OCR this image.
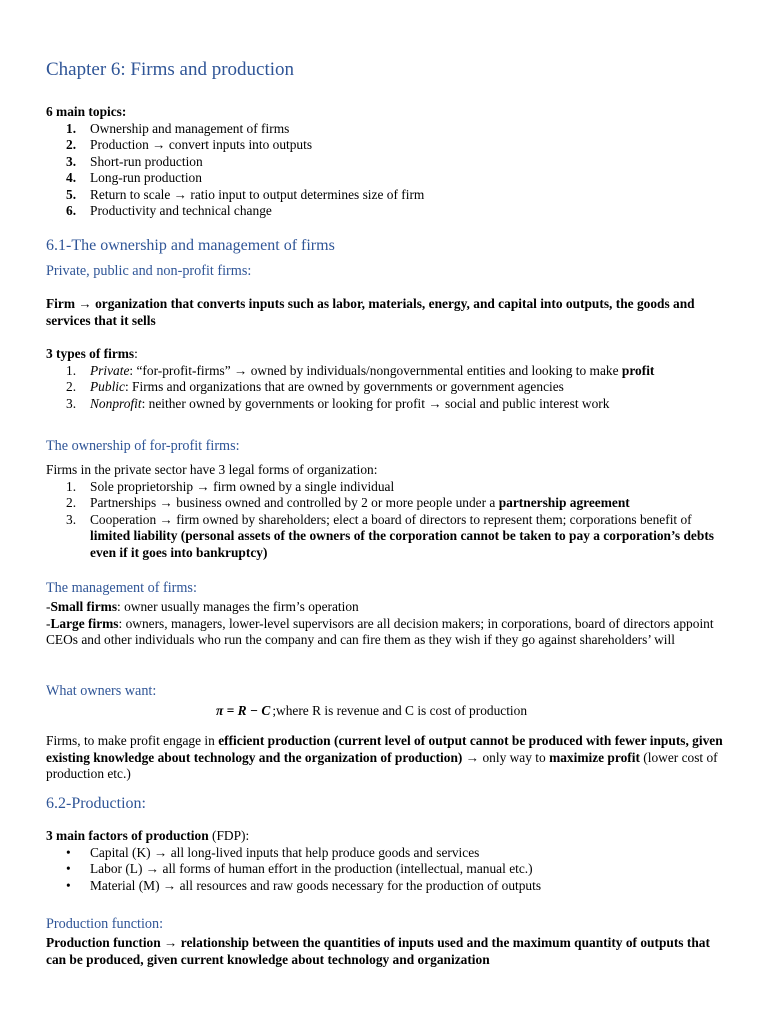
Chapter 6: Firms and production
6 main topics:
1.	Ownership and management of firms
2.	Production → convert inputs into outputs
3.	Short-run production
4.	Long-run production
5.	Return to scale → ratio input to output determines size of firm
6.	Productivity and technical change
6.1-The ownership and management of firms
Private, public and non-profit firms:
Firm → organization that converts inputs such as labor, materials, energy, and capital into outputs, the goods and services that it sells
3 types of firms:
1.	Private: “for-profit-firms” → owned by individuals/nongovernmental entities and looking to make profit
2.	Public: Firms and organizations that are owned by governments or government agencies
3.	Nonprofit: neither owned by governments or looking for profit → social and public interest work
The ownership of for-profit firms:
Firms in the private sector have 3 legal forms of organization:
1.	Sole proprietorship → firm owned by a single individual
2.	Partnerships → business owned and controlled by 2 or more people under a partnership agreement
3.	Cooperation → firm owned by shareholders; elect a board of directors to represent them; corporations benefit of limited liability (personal assets of the owners of the corporation cannot be taken to pay a corporation’s debts even if it goes into bankruptcy)
The management of firms:
-Small firms: owner usually manages the firm’s operation
-Large firms: owners, managers, lower-level supervisors are all decision makers; in corporations, board of directors appoint CEOs and other individuals who run the company and can fire them as they wish if they go against shareholders’ will
What owners want:
π = R − C ;where R is revenue and C is cost of production
Firms, to make profit engage in efficient production (current level of output cannot be produced with fewer inputs, given existing knowledge about technology and the organization of production) → only way to maximize profit (lower cost of production etc.)
6.2-Production:
3 main factors of production (FDP):
• Capital (K) → all long-lived inputs that help produce goods and services
• Labor (L) → all forms of human effort in the production (intellectual, manual etc.)
• Material (M) → all resources and raw goods necessary for the production of outputs
Production function:
Production function → relationship between the quantities of inputs used and the maximum quantity of outputs that can be produced, given current knowledge about technology and organization
